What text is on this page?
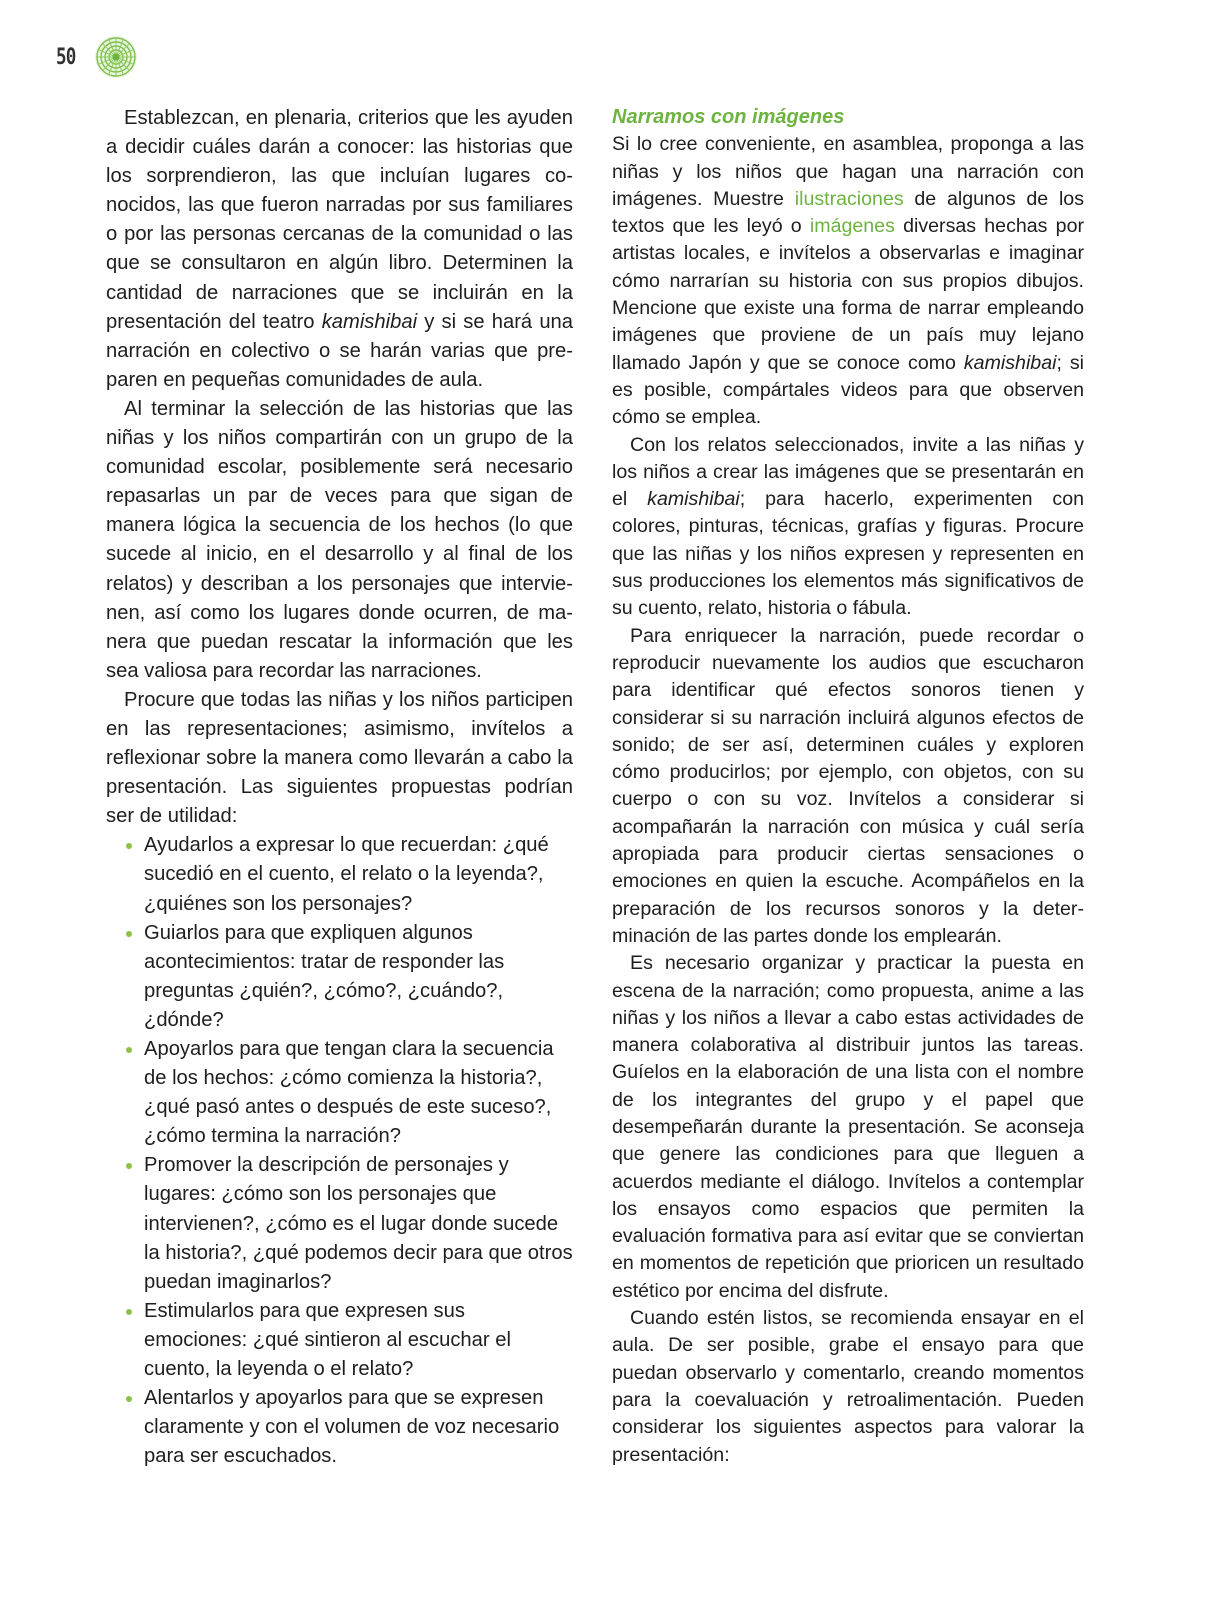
50

Establezcan, en plenaria, criterios que les ayuden a decidir cuáles darán a conocer: las historias que los sorprendieron, las que incluían lugares conocidos, las que fueron narradas por sus familiares o por las personas cercanas de la comunidad o las que se consultaron en algún libro. Determinen la cantidad de narraciones que se incluirán en la presentación del teatro kamishibai y si se hará una narración en colectivo o se harán varias que preparen en pequeñas comunidades de aula.

Al terminar la selección de las historias que las niñas y los niños compartirán con un grupo de la comunidad escolar, posiblemente será necesario repasarlas un par de veces para que sigan de manera lógica la secuencia de los hechos (lo que sucede al inicio, en el desarrollo y al final de los relatos) y describan a los personajes que intervienen, así como los lugares donde ocurren, de manera que puedan rescatar la información que les sea valiosa para recordar las narraciones.

Procure que todas las niñas y los niños participen en las representaciones; asimismo, invítelos a reflexionar sobre la manera como llevarán a cabo la presentación. Las siguientes propuestas podrían ser de utilidad:

Ayudarlos a expresar lo que recuerdan: ¿qué sucedió en el cuento, el relato o la leyenda?, ¿quiénes son los personajes?
Guiarlos para que expliquen algunos acontecimientos: tratar de responder las preguntas ¿quién?, ¿cómo?, ¿cuándo?, ¿dónde?
Apoyarlos para que tengan clara la secuencia de los hechos: ¿cómo comienza la historia?, ¿qué pasó antes o después de este suceso?, ¿cómo termina la narración?
Promover la descripción de personajes y lugares: ¿cómo son los personajes que intervienen?, ¿cómo es el lugar donde sucede la historia?, ¿qué podemos decir para que otros puedan imaginarlos?
Estimularlos para que expresen sus emociones: ¿qué sintieron al escuchar el cuento, la leyenda o el relato?
Alentarlos y apoyarlos para que se expresen claramente y con el volumen de voz necesario para ser escuchados.
Narramos con imágenes

Si lo cree conveniente, en asamblea, proponga a las niñas y los niños que hagan una narración con imágenes. Muestre ilustraciones de algunos de los textos que les leyó o imágenes diversas hechas por artistas locales, e invítelos a observarlas e imaginar cómo narrarían su historia con sus propios dibujos. Mencione que existe una forma de narrar empleando imágenes que proviene de un país muy lejano llamado Japón y que se conoce como kamishibai; si es posible, compártales videos para que observen cómo se emplea.

Con los relatos seleccionados, invite a las niñas y los niños a crear las imágenes que se presentarán en el kamishibai; para hacerlo, experimenten con colores, pinturas, técnicas, grafías y figuras. Procure que las niñas y los niños expresen y representen en sus producciones los elementos más significativos de su cuento, relato, historia o fábula.

Para enriquecer la narración, puede recordar o reproducir nuevamente los audios que escucharon para identificar qué efectos sonoros tienen y considerar si su narración incluirá algunos efectos de sonido; de ser así, determinen cuáles y exploren cómo producirlos; por ejemplo, con objetos, con su cuerpo o con su voz. Invítelos a considerar si acompañarán la narración con música y cuál sería apropiada para producir ciertas sensaciones o emociones en quien la escuche. Acompáñelos en la preparación de los recursos sonoros y la determinación de las partes donde los emplearán.

Es necesario organizar y practicar la puesta en escena de la narración; como propuesta, anime a las niñas y los niños a llevar a cabo estas actividades de manera colaborativa al distribuir juntos las tareas. Guíelos en la elaboración de una lista con el nombre de los integrantes del grupo y el papel que desempeñarán durante la presentación. Se aconseja que genere las condiciones para que lleguen a acuerdos mediante el diálogo. Invítelos a contemplar los ensayos como espacios que permiten la evaluación formativa para así evitar que se conviertan en momentos de repetición que prioricen un resultado estético por encima del disfrute.

Cuando estén listos, se recomienda ensayar en el aula. De ser posible, grabe el ensayo para que puedan observarlo y comentarlo, creando momentos para la coevaluación y retroalimentación. Pueden considerar los siguientes aspectos para valorar la presentación:
